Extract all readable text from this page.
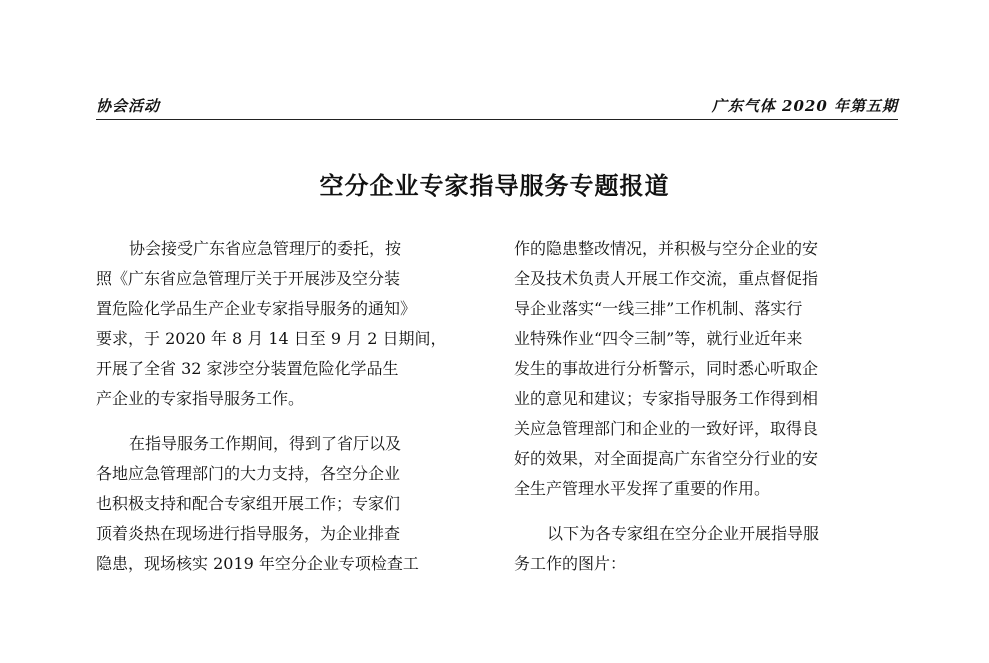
协会活动	广东气体 2020 年第五期
空分企业专家指导服务专题报道
协会接受广东省应急管理厅的委托，按
照《广东省应急管理厅关于开展涉及空分装
置危险化学品生产企业专家指导服务的通知》
要求，于 2020 年 8 月 14 日至 9 月 2 日期间，
开展了全省 32 家涉空分装置危险化学品生
产企业的专家指导服务工作。
在指导服务工作期间，得到了省厅以及
各地应急管理部门的大力支持，各空分企业
也积极支持和配合专家组开展工作；专家们
顶着炎热在现场进行指导服务，为企业排查
隐患，现场核实 2019 年空分企业专项检查工
作的隐患整改情况，并积极与空分企业的安
全及技术负责人开展工作交流，重点督促指
导企业落实“一线三排”工作机制、落实行
业特殊作业“四令三制”等，就行业近年来
发生的事故进行分析警示，同时悉心听取企
业的意见和建议；专家指导服务工作得到相
关应急管理部门和企业的一致好评，取得良
好的效果，对全面提高广东省空分行业的安
全生产管理水平发挥了重要的作用。
以下为各专家组在空分企业开展指导服
务工作的图片：
